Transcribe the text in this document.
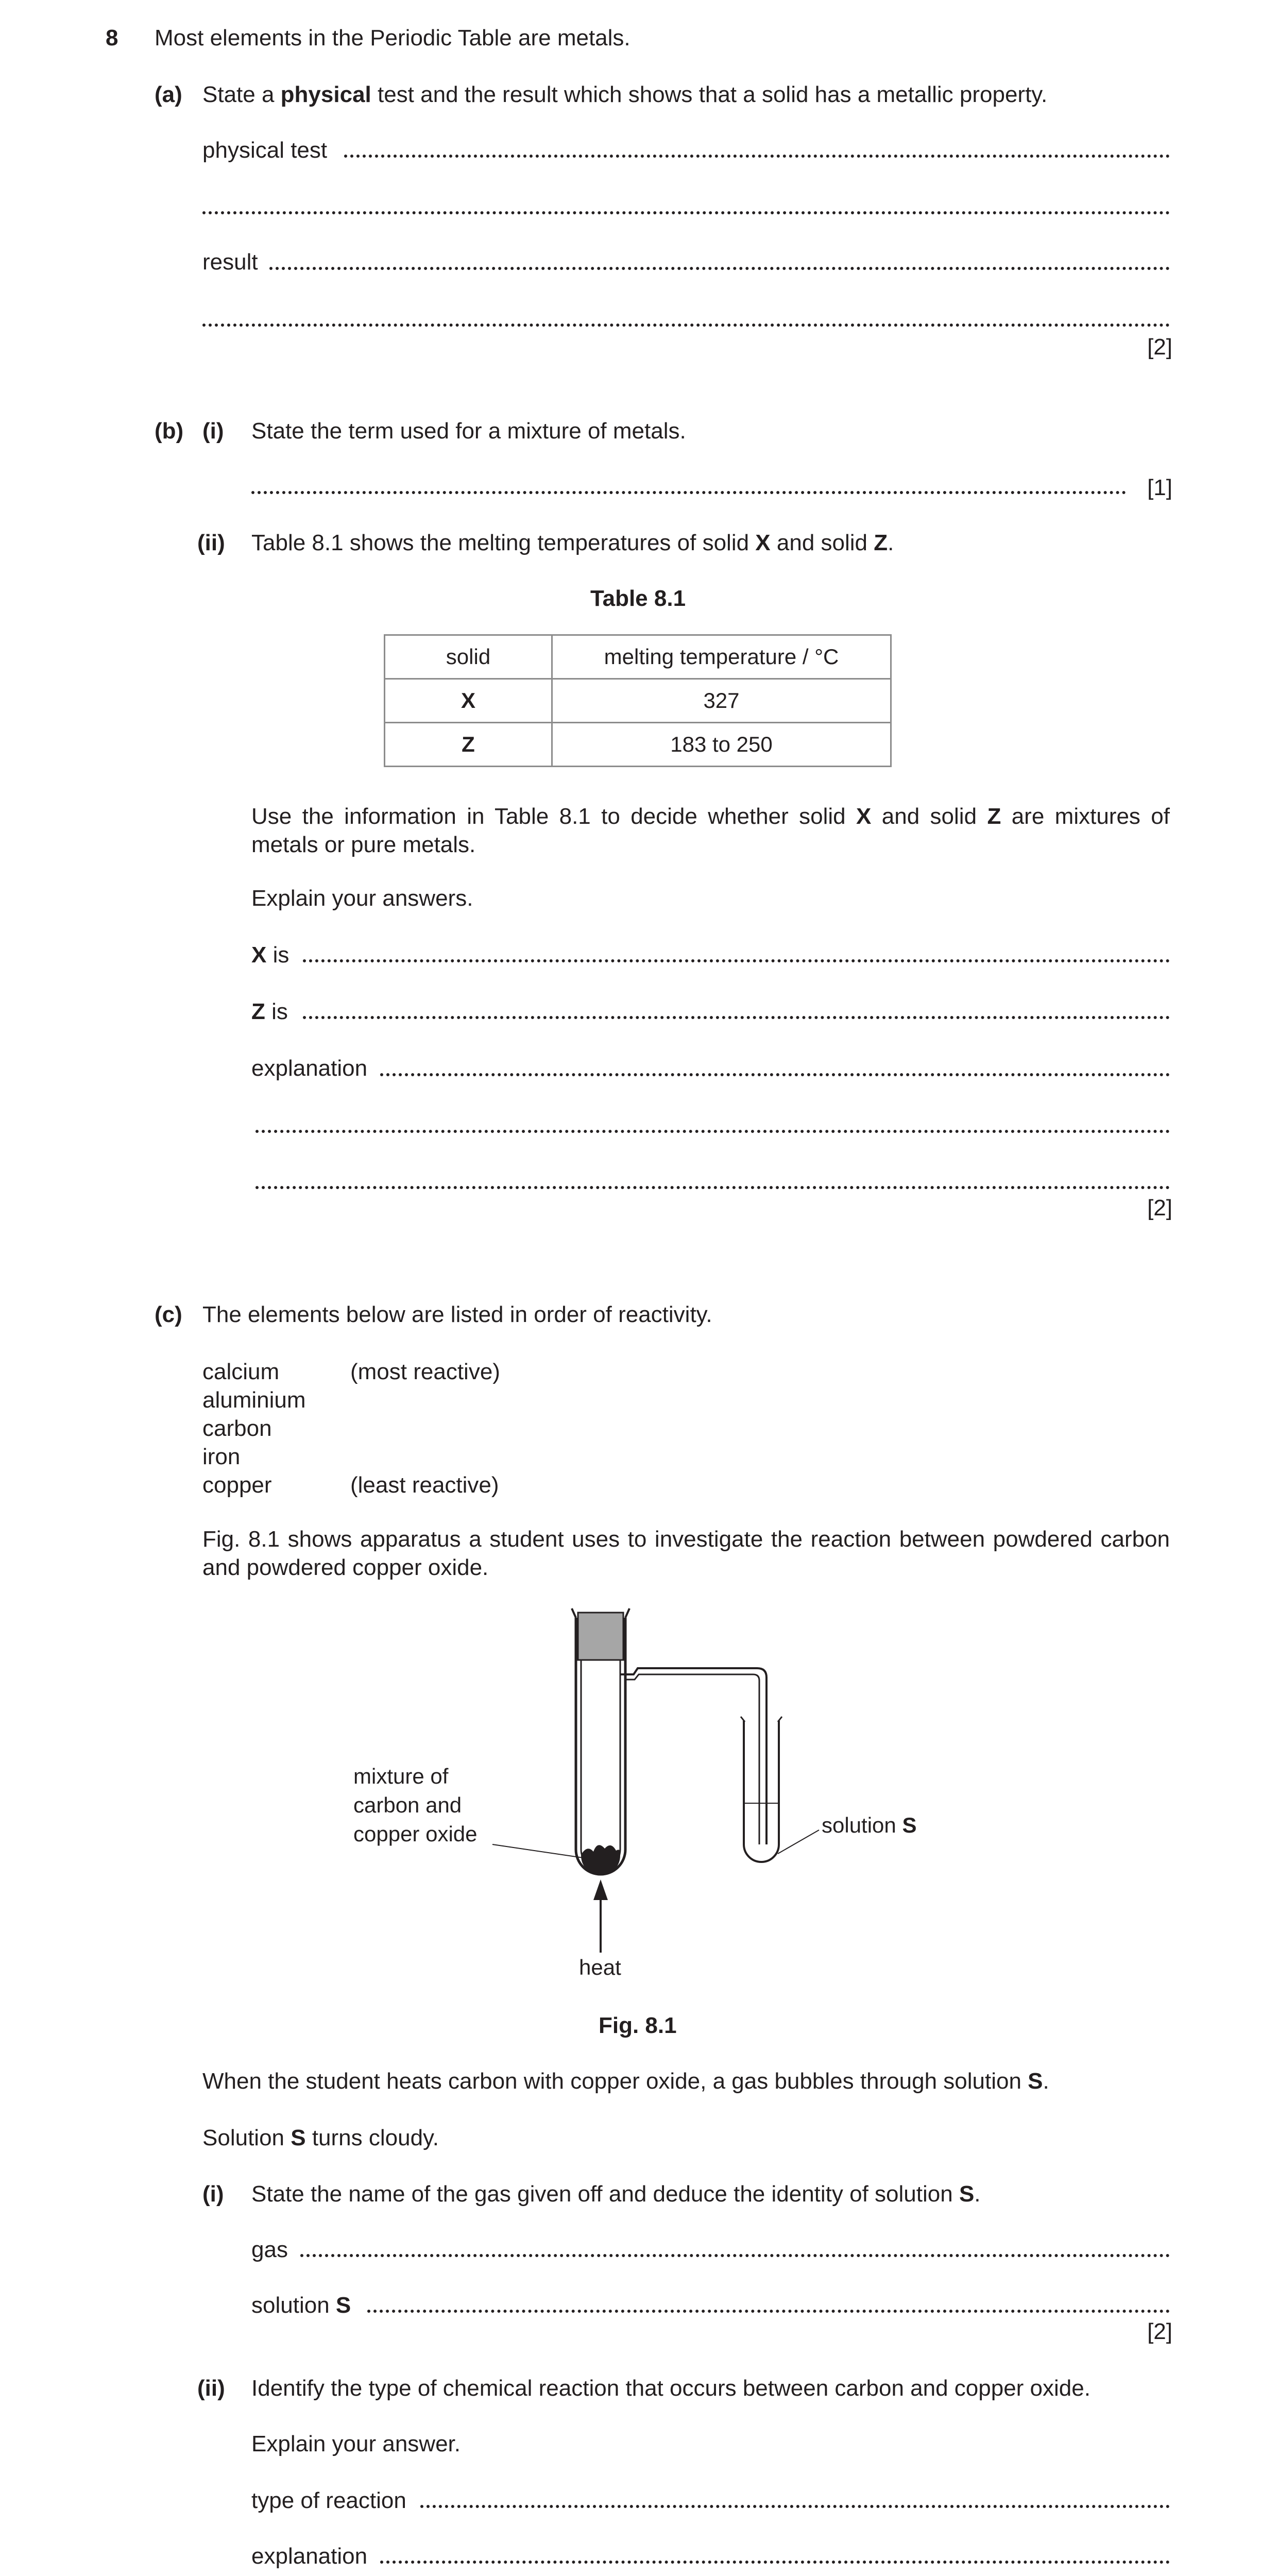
8 Most elements in the Periodic Table are metals.
(a) State a physical test and the result which shows that a solid has a metallic property.
physical test
result
[2]
(b) (i) State the term used for a mixture of metals.
[1]
(ii) Table 8.1 shows the melting temperatures of solid X and solid Z.
Table 8.1
solid	melting temperature / °C
X	327
Z	183 to 250
Use the information in Table 8.1 to decide whether solid X and solid Z are mixtures of metals or pure metals.
Explain your answers.
X is
Z is
explanation
[2]
(c) The elements below are listed in order of reactivity.
calcium	(most reactive)
aluminium
carbon
iron
copper	(least reactive)
Fig. 8.1 shows apparatus a student uses to investigate the reaction between powdered carbon and powdered copper oxide.
mixture of
carbon and
copper oxide	solution S
heat
Fig. 8.1
When the student heats carbon with copper oxide, a gas bubbles through solution S.
Solution S turns cloudy.
(i) State the name of the gas given off and deduce the identity of solution S.
gas
solution S
[2]
(ii) Identify the type of chemical reaction that occurs between carbon and copper oxide.
Explain your answer.
type of reaction
explanation
